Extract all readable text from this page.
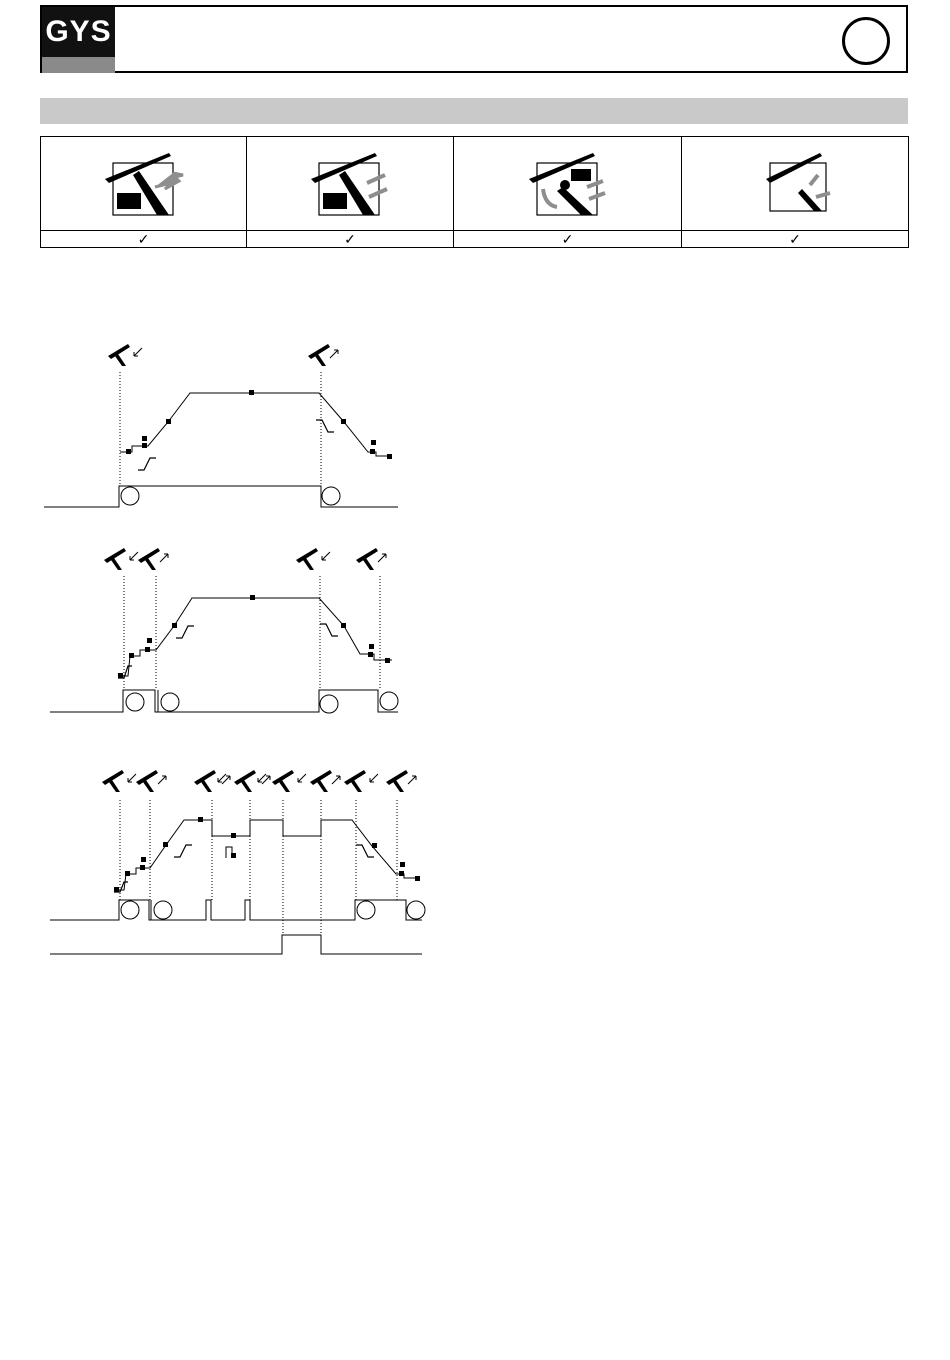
GYS

✓	✓	✓	✓
